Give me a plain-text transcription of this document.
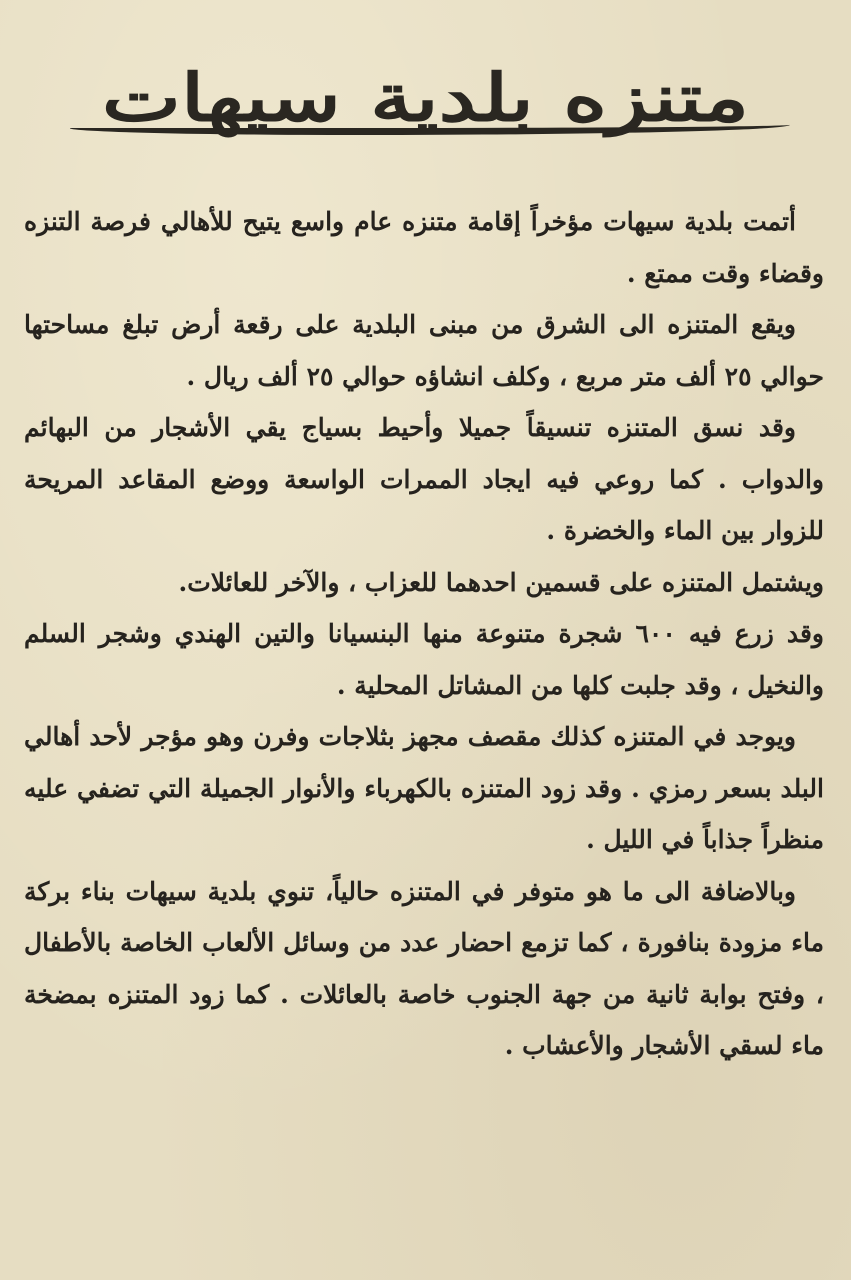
متنزه بلدية سيهات

أتمت بلدية سيهات مؤخراً إقامة متنزه عام واسع يتيح للأهالي فرصة التنزه وقضاء وقت ممتع .

ويقع المتنزه الى الشرق من مبنى البلدية على رقعة أرض تبلغ مساحتها حوالي ٢٥ ألف متر مربع ، وكلف انشاؤه حوالي ٢٥ ألف ريال .

وقد نسق المتنزه تنسيقاً جميلا وأحيط بسياج يقي الأشجار من البهائم والدواب . كما روعي فيه ايجاد الممرات الواسعة ووضع المقاعد المريحة للزوار بين الماء والخضرة .

ويشتمل المتنزه على قسمين احدهما للعزاب ، والآخر للعائلات.

وقد زرع فيه ٦٠٠ شجرة متنوعة منها البنسيانا والتين الهندي وشجر السلم والنخيل ، وقد جلبت كلها من المشاتل المحلية .

ويوجد في المتنزه كذلك مقصف مجهز بثلاجات وفرن وهو مؤجر لأحد أهالي البلد بسعر رمزي . وقد زود المتنزه بالكهرباء والأنوار الجميلة التي تضفي عليه منظراً جذاباً في الليل .

وبالاضافة الى ما هو متوفر في المتنزه حالياً، تنوي بلدية سيهات بناء بركة ماء مزودة بنافورة ، كما تزمع احضار عدد من وسائل الألعاب الخاصة بالأطفال ، وفتح بوابة ثانية من جهة الجنوب خاصة بالعائلات . كما زود المتنزه بمضخة ماء لسقي الأشجار والأعشاب .
